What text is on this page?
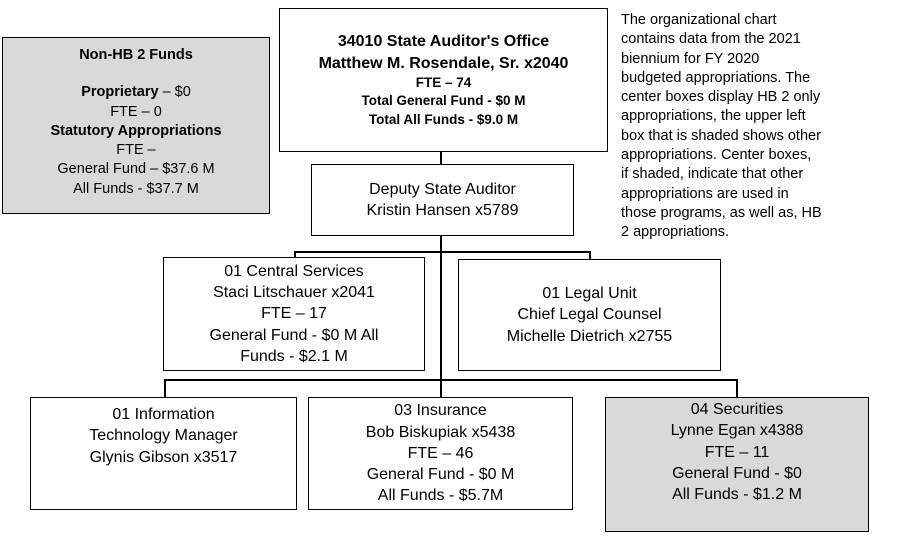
34010 State Auditor's Office
Matthew M. Rosendale, Sr. x2040
FTE – 74
Total General Fund - $0 M
Total All Funds - $9.0 M
Non-HB 2 Funds
Proprietary – $0
FTE – 0
Statutory Appropriations
FTE –
General Fund – $37.6 M
All Funds - $37.7 M
The organizational chart
contains data from the 2021
biennium for FY 2020
budgeted appropriations. The
center boxes display HB 2 only
appropriations, the upper left
box that is shaded shows other
appropriations. Center boxes,
if shaded, indicate that other
appropriations are used in
those programs, as well as, HB
2 appropriations.
Deputy State Auditor
Kristin Hansen x5789
01 Central Services
Staci Litschauer x2041
FTE – 17
General Fund - $0 M All
Funds - $2.1 M
01 Legal Unit
Chief Legal Counsel
Michelle Dietrich x2755
01 Information
Technology Manager
Glynis Gibson x3517
03 Insurance
Bob Biskupiak x5438
FTE – 46
General Fund - $0 M
All Funds - $5.7M
04 Securities
Lynne Egan x4388
FTE – 11
General Fund - $0
All Funds - $1.2 M
